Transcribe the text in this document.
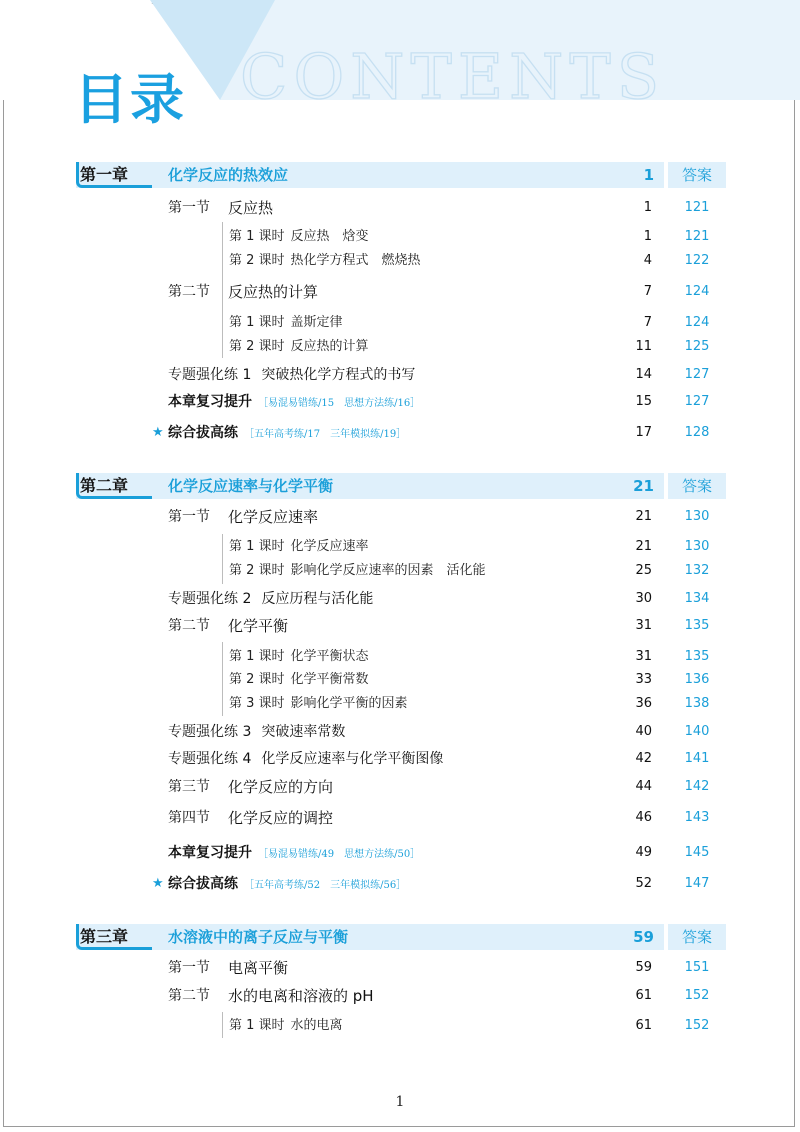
CONTENTS
目录
第一章	化学反应的热效应	1	答案
第一节 反应热	1	121
第 1 课时 反应热　焓变	1	121
第 2 课时 热化学方程式　燃烧热	4	122
第二节 反应热的计算	7	124
第 1 课时 盖斯定律	7	124
第 2 课时 反应热的计算	11	125
专题强化练 1 突破热化学方程式的书写	14	127
本章复习提升 ［易混易错练/15　思想方法练/16］	15	127
★ 综合拔高练 ［五年高考练/17　三年模拟练/19］	17	128
第二章	化学反应速率与化学平衡	21	答案
第一节 化学反应速率	21	130
第 1 课时 化学反应速率	21	130
第 2 课时 影响化学反应速率的因素　活化能	25	132
专题强化练 2 反应历程与活化能	30	134
第二节 化学平衡	31	135
第 1 课时 化学平衡状态	31	135
第 2 课时 化学平衡常数	33	136
第 3 课时 影响化学平衡的因素	36	138
专题强化练 3 突破速率常数	40	140
专题强化练 4 化学反应速率与化学平衡图像	42	141
第三节 化学反应的方向	44	142
第四节 化学反应的调控	46	143
本章复习提升 ［易混易错练/49　思想方法练/50］	49	145
★ 综合拔高练 ［五年高考练/52　三年模拟练/56］	52	147
第三章	水溶液中的离子反应与平衡	59	答案
第一节 电离平衡	59	151
第二节 水的电离和溶液的 pH	61	152
第 1 课时 水的电离	61	152
1
